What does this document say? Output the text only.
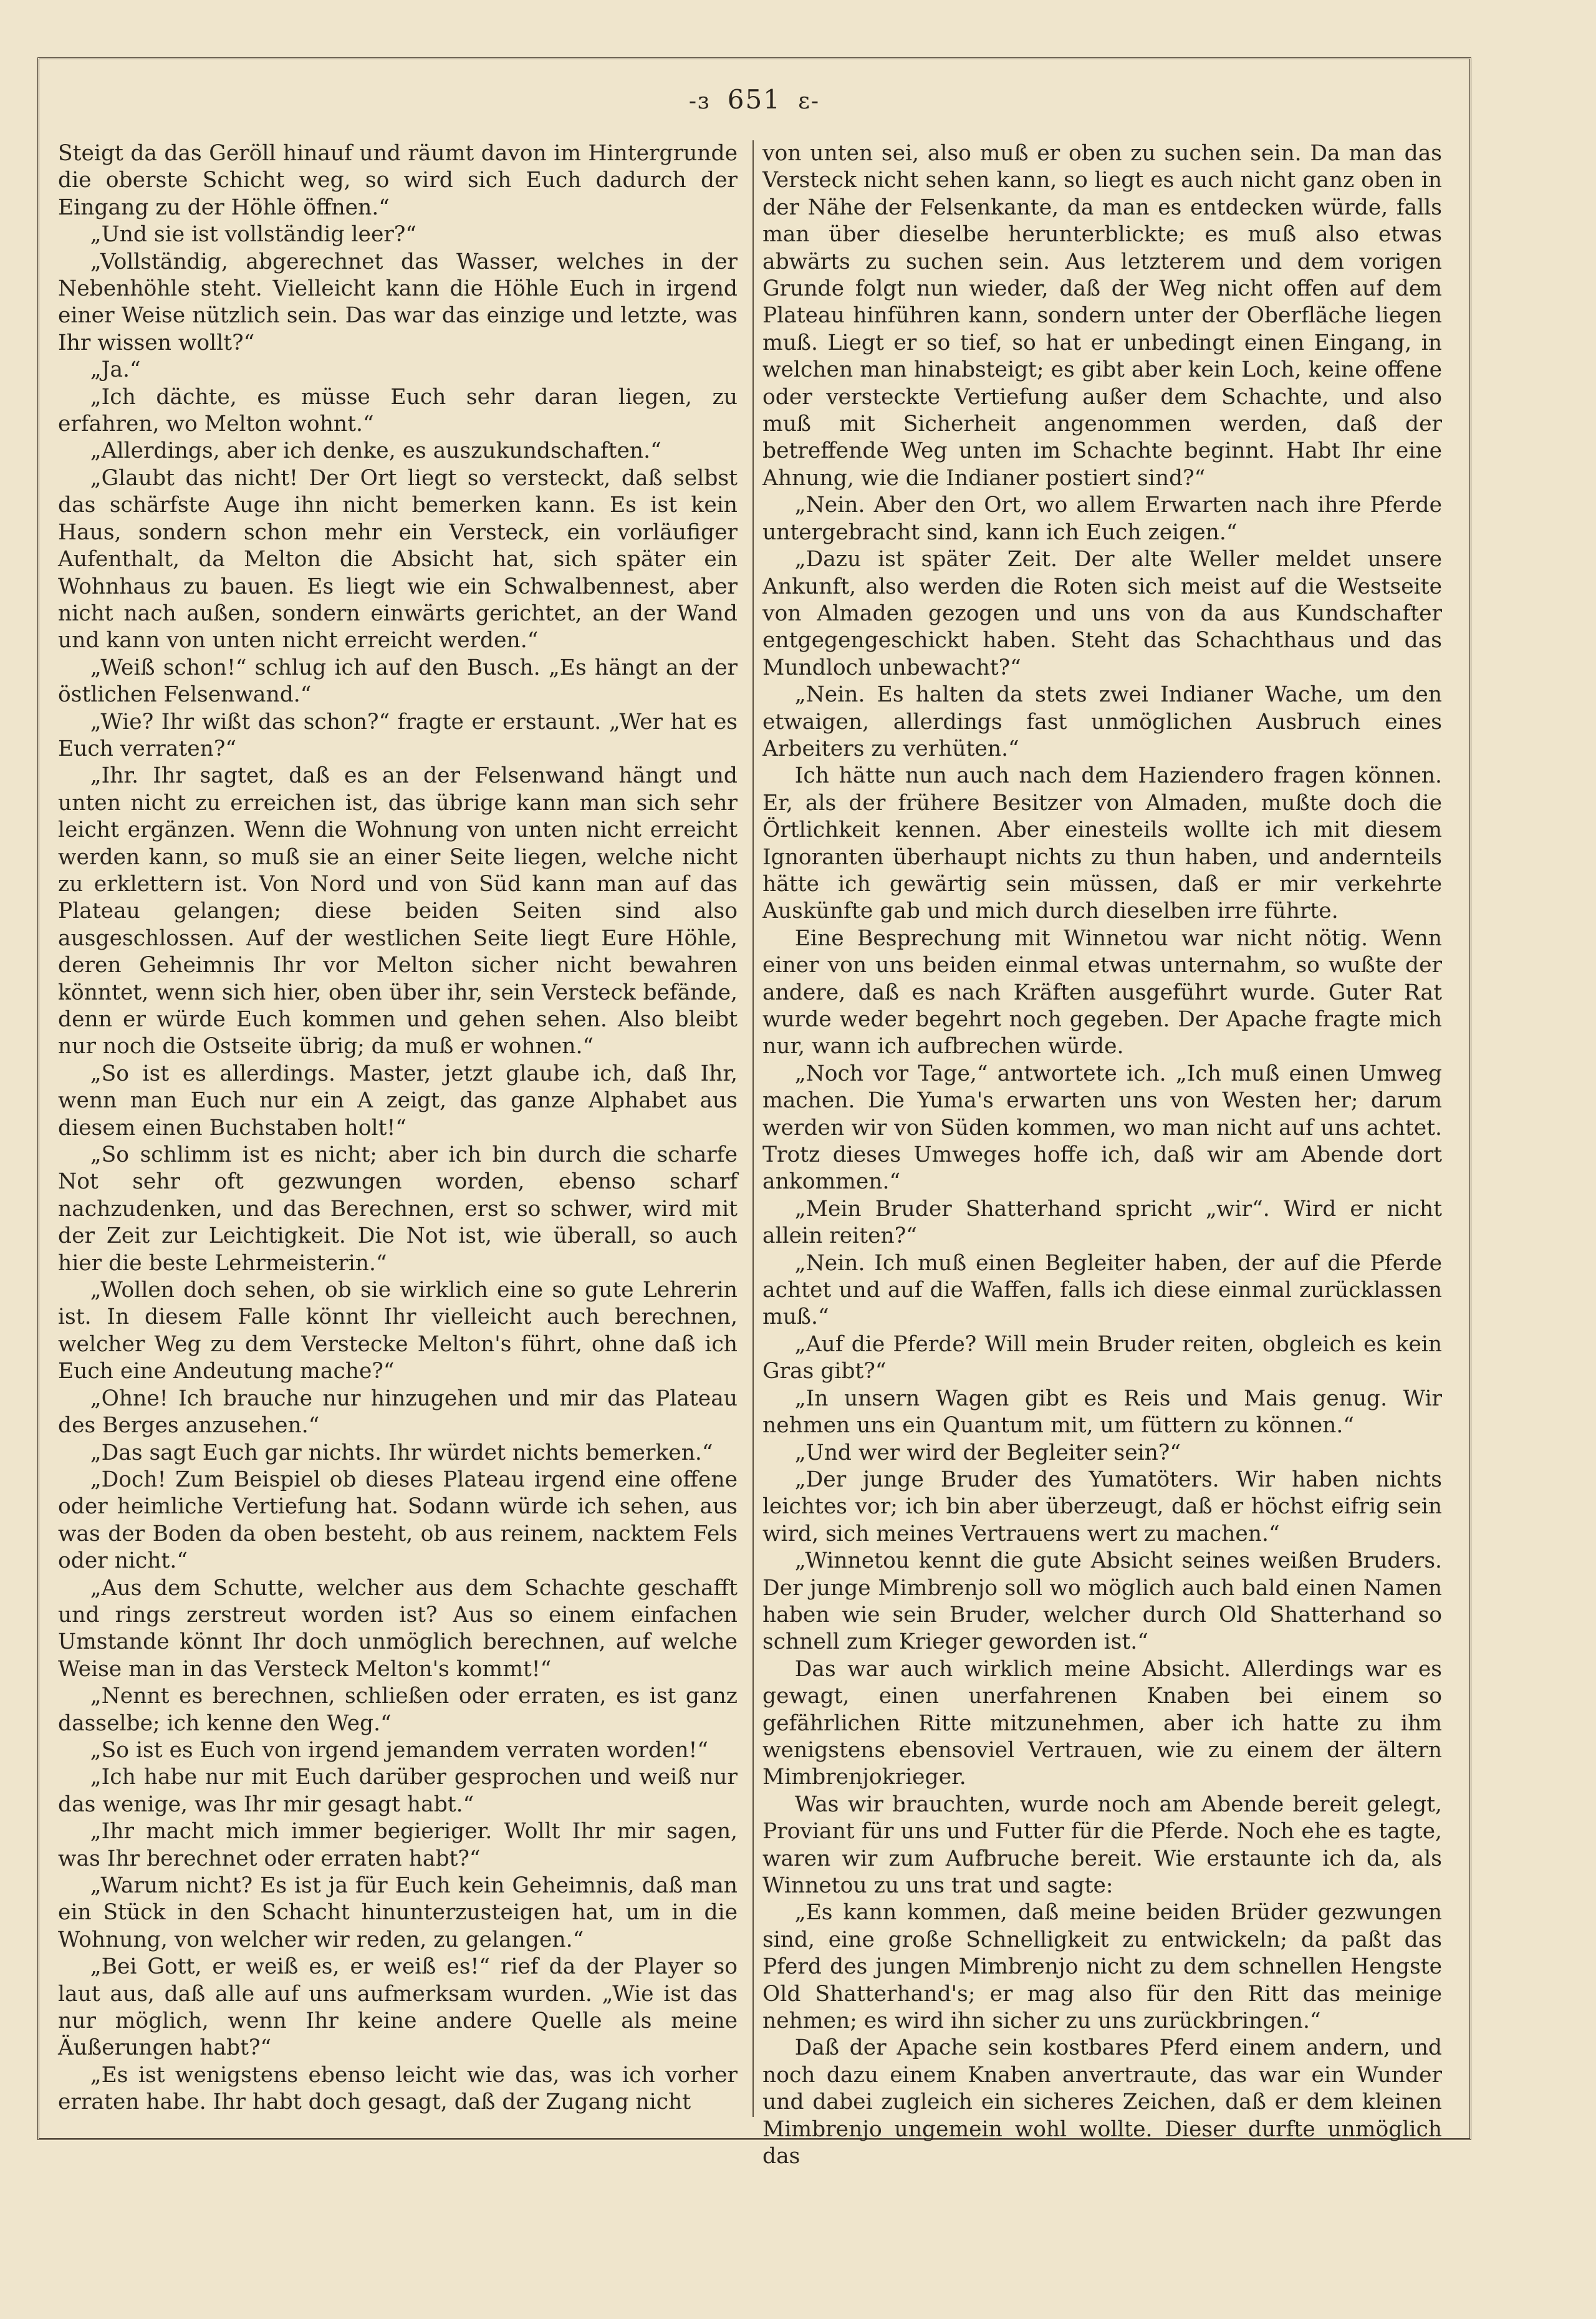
-ɜ 651 ɛ-

Steigt da das Geröll hinauf und räumt davon im Hintergrunde die oberste Schicht weg, so wird sich Euch dadurch der Eingang zu der Höhle öffnen.“

„Und sie ist vollständig leer?“

„Vollständig, abgerechnet das Wasser, welches in der Nebenhöhle steht. Vielleicht kann die Höhle Euch in irgend einer Weise nützlich sein. Das war das einzige und letzte, was Ihr wissen wollt?“

„Ja.“

„Ich dächte, es müsse Euch sehr daran liegen, zu erfahren, wo Melton wohnt.“

„Allerdings, aber ich denke, es auszukundschaften.“

„Glaubt das nicht! Der Ort liegt so versteckt, daß selbst das schärfste Auge ihn nicht bemerken kann. Es ist kein Haus, sondern schon mehr ein Versteck, ein vorläufiger Aufenthalt, da Melton die Absicht hat, sich später ein Wohnhaus zu bauen. Es liegt wie ein Schwalbennest, aber nicht nach außen, sondern einwärts gerichtet, an der Wand und kann von unten nicht erreicht werden.“

„Weiß schon!“ schlug ich auf den Busch. „Es hängt an der östlichen Felsenwand.“

„Wie? Ihr wißt das schon?“ fragte er erstaunt. „Wer hat es Euch verraten?“

„Ihr. Ihr sagtet, daß es an der Felsenwand hängt und unten nicht zu erreichen ist, das übrige kann man sich sehr leicht ergänzen. Wenn die Wohnung von unten nicht erreicht werden kann, so muß sie an einer Seite liegen, welche nicht zu erklettern ist. Von Nord und von Süd kann man auf das Plateau gelangen; diese beiden Seiten sind also ausgeschlossen. Auf der westlichen Seite liegt Eure Höhle, deren Geheimnis Ihr vor Melton sicher nicht bewahren könntet, wenn sich hier, oben über ihr, sein Versteck befände, denn er würde Euch kommen und gehen sehen. Also bleibt nur noch die Ostseite übrig; da muß er wohnen.“

„So ist es allerdings. Master, jetzt glaube ich, daß Ihr, wenn man Euch nur ein A zeigt, das ganze Alphabet aus diesem einen Buchstaben holt!“

„So schlimm ist es nicht; aber ich bin durch die scharfe Not sehr oft gezwungen worden, ebenso scharf nachzudenken, und das Berechnen, erst so schwer, wird mit der Zeit zur Leichtigkeit. Die Not ist, wie überall, so auch hier die beste Lehrmeisterin.“

„Wollen doch sehen, ob sie wirklich eine so gute Lehrerin ist. In diesem Falle könnt Ihr vielleicht auch berechnen, welcher Weg zu dem Verstecke Melton's führt, ohne daß ich Euch eine Andeutung mache?“

„Ohne! Ich brauche nur hinzugehen und mir das Plateau des Berges anzusehen.“

„Das sagt Euch gar nichts. Ihr würdet nichts bemerken.“

„Doch! Zum Beispiel ob dieses Plateau irgend eine offene oder heimliche Vertiefung hat. Sodann würde ich sehen, aus was der Boden da oben besteht, ob aus reinem, nacktem Fels oder nicht.“

„Aus dem Schutte, welcher aus dem Schachte geschafft und rings zerstreut worden ist? Aus so einem einfachen Umstande könnt Ihr doch unmöglich berechnen, auf welche Weise man in das Versteck Melton's kommt!“

„Nennt es berechnen, schließen oder erraten, es ist ganz dasselbe; ich kenne den Weg.“

„So ist es Euch von irgend jemandem verraten worden!“

„Ich habe nur mit Euch darüber gesprochen und weiß nur das wenige, was Ihr mir gesagt habt.“

„Ihr macht mich immer begieriger. Wollt Ihr mir sagen, was Ihr berechnet oder erraten habt?“

„Warum nicht? Es ist ja für Euch kein Geheimnis, daß man ein Stück in den Schacht hinunterzusteigen hat, um in die Wohnung, von welcher wir reden, zu gelangen.“

„Bei Gott, er weiß es, er weiß es!“ rief da der Player so laut aus, daß alle auf uns aufmerksam wurden. „Wie ist das nur möglich, wenn Ihr keine andere Quelle als meine Äußerungen habt?“

„Es ist wenigstens ebenso leicht wie das, was ich vorher erraten habe. Ihr habt doch gesagt, daß der Zugang nicht

von unten sei, also muß er oben zu suchen sein. Da man das Versteck nicht sehen kann, so liegt es auch nicht ganz oben in der Nähe der Felsenkante, da man es entdecken würde, falls man über dieselbe herunterblickte; es muß also etwas abwärts zu suchen sein. Aus letzterem und dem vorigen Grunde folgt nun wieder, daß der Weg nicht offen auf dem Plateau hinführen kann, sondern unter der Oberfläche liegen muß. Liegt er so tief, so hat er unbedingt einen Eingang, in welchen man hinabsteigt; es gibt aber kein Loch, keine offene oder versteckte Vertiefung außer dem Schachte, und also muß mit Sicherheit angenommen werden, daß der betreffende Weg unten im Schachte beginnt. Habt Ihr eine Ahnung, wie die Indianer postiert sind?“

„Nein. Aber den Ort, wo allem Erwarten nach ihre Pferde untergebracht sind, kann ich Euch zeigen.“

„Dazu ist später Zeit. Der alte Weller meldet unsere Ankunft, also werden die Roten sich meist auf die Westseite von Almaden gezogen und uns von da aus Kundschafter entgegengeschickt haben. Steht das Schachthaus und das Mundloch unbewacht?“

„Nein. Es halten da stets zwei Indianer Wache, um den etwaigen, allerdings fast unmöglichen Ausbruch eines Arbeiters zu verhüten.“

Ich hätte nun auch nach dem Haziendero fragen können. Er, als der frühere Besitzer von Almaden, mußte doch die Örtlichkeit kennen. Aber einesteils wollte ich mit diesem Ignoranten überhaupt nichts zu thun haben, und andernteils hätte ich gewärtig sein müssen, daß er mir verkehrte Auskünfte gab und mich durch dieselben irre führte.

Eine Besprechung mit Winnetou war nicht nötig. Wenn einer von uns beiden einmal etwas unternahm, so wußte der andere, daß es nach Kräften ausgeführt wurde. Guter Rat wurde weder begehrt noch gegeben. Der Apache fragte mich nur, wann ich aufbrechen würde.

„Noch vor Tage,“ antwortete ich. „Ich muß einen Umweg machen. Die Yuma's erwarten uns von Westen her; darum werden wir von Süden kommen, wo man nicht auf uns achtet. Trotz dieses Umweges hoffe ich, daß wir am Abende dort ankommen.“

„Mein Bruder Shatterhand spricht „wir“. Wird er nicht allein reiten?“

„Nein. Ich muß einen Begleiter haben, der auf die Pferde achtet und auf die Waffen, falls ich diese einmal zurücklassen muß.“

„Auf die Pferde? Will mein Bruder reiten, obgleich es kein Gras gibt?“

„In unsern Wagen gibt es Reis und Mais genug. Wir nehmen uns ein Quantum mit, um füttern zu können.“

„Und wer wird der Begleiter sein?“

„Der junge Bruder des Yumatöters. Wir haben nichts leichtes vor; ich bin aber überzeugt, daß er höchst eifrig sein wird, sich meines Vertrauens wert zu machen.“

„Winnetou kennt die gute Absicht seines weißen Bruders. Der junge Mimbrenjo soll wo möglich auch bald einen Namen haben wie sein Bruder, welcher durch Old Shatterhand so schnell zum Krieger geworden ist.“

Das war auch wirklich meine Absicht. Allerdings war es gewagt, einen unerfahrenen Knaben bei einem so gefährlichen Ritte mitzunehmen, aber ich hatte zu ihm wenigstens ebensoviel Vertrauen, wie zu einem der ältern Mimbrenjokrieger.

Was wir brauchten, wurde noch am Abende bereit gelegt, Proviant für uns und Futter für die Pferde. Noch ehe es tagte, waren wir zum Aufbruche bereit. Wie erstaunte ich da, als Winnetou zu uns trat und sagte:

„Es kann kommen, daß meine beiden Brüder gezwungen sind, eine große Schnelligkeit zu entwickeln; da paßt das Pferd des jungen Mimbrenjo nicht zu dem schnellen Hengste Old Shatterhand's; er mag also für den Ritt das meinige nehmen; es wird ihn sicher zu uns zurückbringen.“

Daß der Apache sein kostbares Pferd einem andern, und noch dazu einem Knaben anvertraute, das war ein Wunder und dabei zugleich ein sicheres Zeichen, daß er dem kleinen Mimbrenjo ungemein wohl wollte. Dieser durfte unmöglich das
